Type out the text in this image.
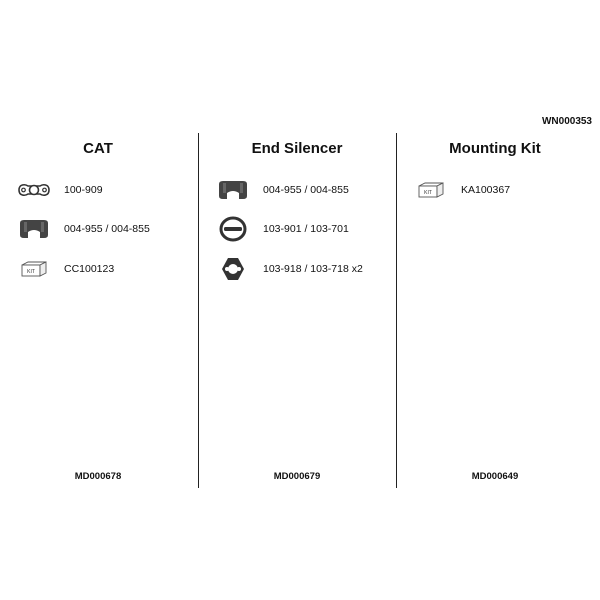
WN000353
CAT
100-909
004-955 / 004-855
KIT	CC100123
MD000678
End Silencer
004-955 / 004-855
103-901 / 103-701
103-918 / 103-718 x2
MD000679
Mounting Kit
KIT	KA100367
MD000649
